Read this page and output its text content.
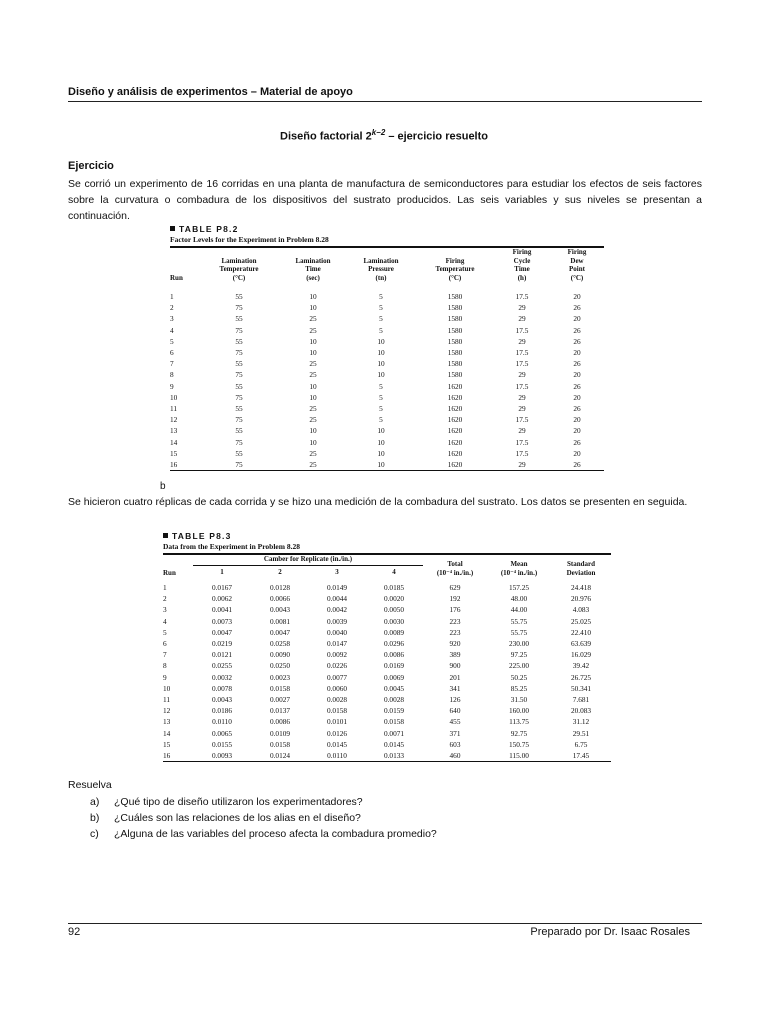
Diseño y análisis de experimentos – Material de apoyo
Diseño factorial $2^{k-2}$ – ejercicio resuelto
Ejercicio

Se corrió un experimento de 16 corridas en una planta de manufactura de semiconductores para estudiar los efectos de seis factores sobre la curvatura o combadura de los dispositivos del sustrato producidos. Las seis variables y sus niveles se presentan a continuación.

TABLE P8.2
Factor Levels for the Experiment in Problem 8.28
Run	Lamination
Temperature
(°C)	Lamination
Time
(sec)	Lamination
Pressure
(tn)	Firing
Temperature
(°C)	Firing
Cycle
Time
(h)	Firing
Dew
Point
(°C)
1	55	10	5	1580	17.5	20
2	75	10	5	1580	29	26
3	55	25	5	1580	29	20
4	75	25	5	1580	17.5	26
5	55	10	10	1580	29	26
6	75	10	10	1580	17.5	20
7	55	25	10	1580	17.5	26
8	75	25	10	1580	29	20
9	55	10	5	1620	17.5	26
10	75	10	5	1620	29	20
11	55	25	5	1620	29	26
12	75	25	5	1620	17.5	20
13	55	10	10	1620	29	20
14	75	10	10	1620	17.5	26
15	55	25	10	1620	17.5	20
16	75	25	10	1620	29	26
b

Se hicieron cuatro réplicas de cada corrida y se hizo una medición de la combadura del sustrato. Los datos se presenten en seguida.

TABLE P8.3
Data from the Experiment in Problem 8.28
Run	Camber for Replicate (in./in.)				Total
(10⁻⁴ in./in.)	Mean
(10⁻⁴ in./in.)	Standard
Deviation
	1	2	3	4			
1	0.0167	0.0128	0.0149	0.0185	629	157.25	24.418
2	0.0062	0.0066	0.0044	0.0020	192	48.00	20.976
3	0.0041	0.0043	0.0042	0.0050	176	44.00	4.083
4	0.0073	0.0081	0.0039	0.0030	223	55.75	25.025
5	0.0047	0.0047	0.0040	0.0089	223	55.75	22.410
6	0.0219	0.0258	0.0147	0.0296	920	230.00	63.639
7	0.0121	0.0090	0.0092	0.0086	389	97.25	16.029
8	0.0255	0.0250	0.0226	0.0169	900	225.00	39.42
9	0.0032	0.0023	0.0077	0.0069	201	50.25	26.725
10	0.0078	0.0158	0.0060	0.0045	341	85.25	50.341
11	0.0043	0.0027	0.0028	0.0028	126	31.50	7.681
12	0.0186	0.0137	0.0158	0.0159	640	160.00	20.083
13	0.0110	0.0086	0.0101	0.0158	455	113.75	31.12
14	0.0065	0.0109	0.0126	0.0071	371	92.75	29.51
15	0.0155	0.0158	0.0145	0.0145	603	150.75	6.75
16	0.0093	0.0124	0.0110	0.0133	460	115.00	17.45
Resuelva
a) ¿Qué tipo de diseño utilizaron los experimentadores?
b) ¿Cuáles son las relaciones de los alias en el diseño?
c) ¿Alguna de las variables del proceso afecta la combadura promedio?
92	Preparado por Dr. Isaac Rosales
